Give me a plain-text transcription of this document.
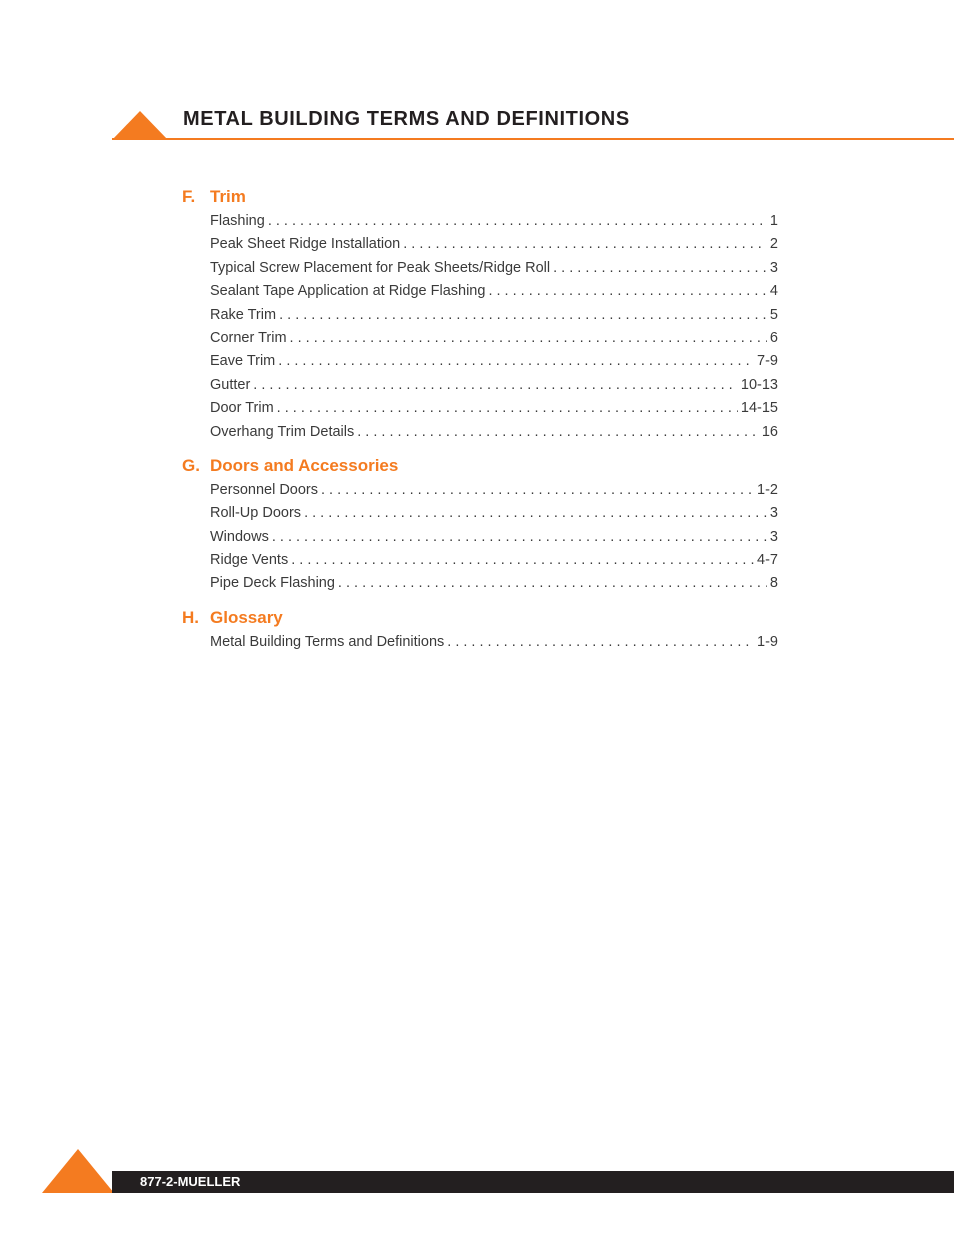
METAL BUILDING TERMS AND DEFINITIONS
F. Trim
Flashing . . .	1
Peak Sheet Ridge Installation . . .	2
Typical Screw Placement for Peak Sheets/Ridge Roll . . .	3
Sealant Tape Application at Ridge Flashing . . .	4
Rake Trim . . .	5
Corner Trim . . .	6
Eave Trim . . .	7-9
Gutter . . .	10-13
Door Trim . . .	14-15
Overhang Trim Details . . .	16
G. Doors and Accessories
Personnel Doors . . .	1-2
Roll-Up Doors . . .	3
Windows . . .	3
Ridge Vents . . .	4-7
Pipe Deck Flashing . . .	8
H. Glossary
Metal Building Terms and Definitions . . .	1-9
877-2-MUELLER
